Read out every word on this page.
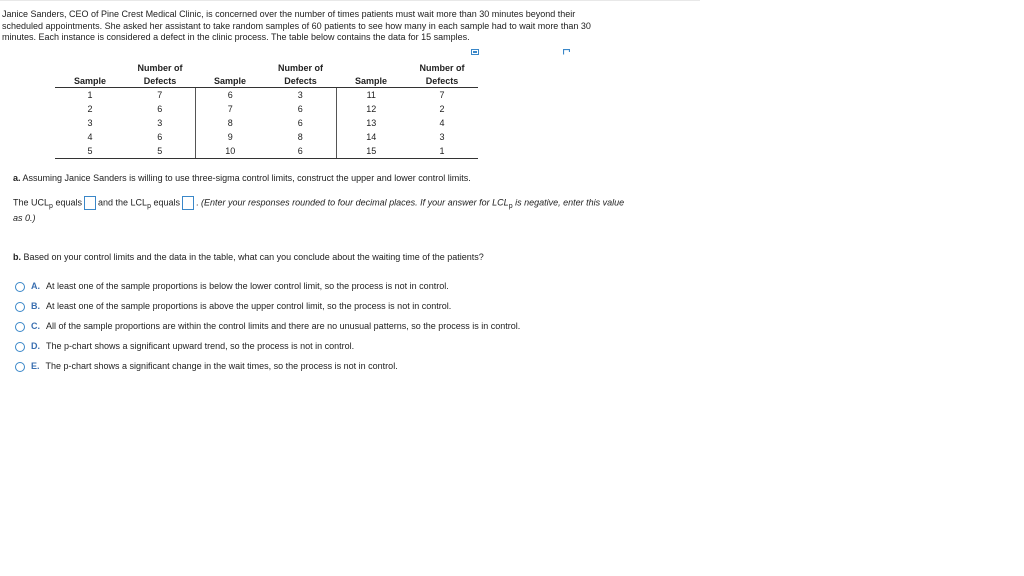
Janice Sanders, CEO of Pine Crest Medical Clinic, is concerned over the number of times patients must wait more than 30 minutes beyond their
scheduled appointments. She asked her assistant to take random samples of 60 patients to see how many in each sample had to wait more than 30
minutes. Each instance is considered a defect in the clinic process. The table below contains the data for 15 samples.
	Number of		Number of		Number of
Sample	Defects	Sample	Defects	Sample	Defects
1	7	6	3	11	7
2	6	7	6	12	2
3	3	8	6	13	4
4	6	9	8	14	3
5	5	10	6	15	1
a. Assuming Janice Sanders is willing to use three-sigma control limits, construct the upper and lower control limits.
The $UCL_p$ equals and the $LCL_p$ equals . (Enter your responses rounded to four decimal places. If your answer for $LCL_p$ is negative, enter this value
as 0.)
b. Based on your control limits and the data in the table, what can you conclude about the waiting time of the patients?
A. At least one of the sample proportions is below the lower control limit, so the process is not in control.
B. At least one of the sample proportions is above the upper control limit, so the process is not in control.
C. All of the sample proportions are within the control limits and there are no unusual patterns, so the process is in control.
D. The p-chart shows a significant upward trend, so the process is not in control.
E. The p-chart shows a significant change in the wait times, so the process is not in control.
